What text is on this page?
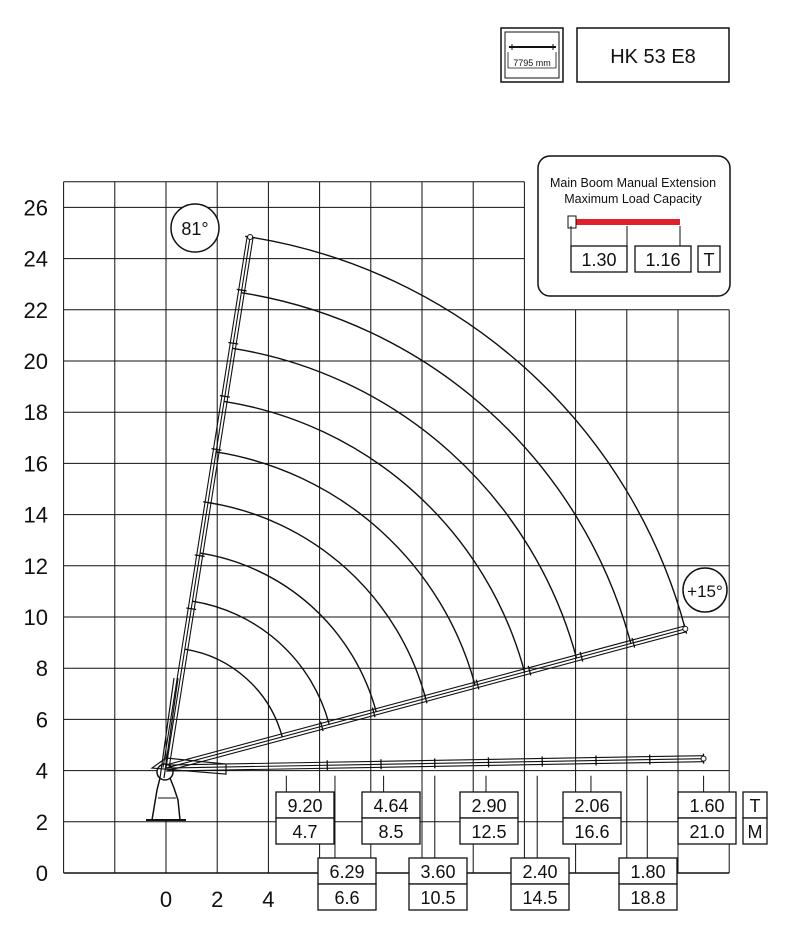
7795 mm	HK 53 E8
0
2
4
6
8
10
12
14
16
18
20
22
24
26
0 2 4
81°
+15°
Main Boom Manual Extension
Maximum Load Capacity
1.30 1.16 T
9.20
4.7
6.29
6.6
4.64
8.5
3.60
10.5
2.90
12.5
2.40
14.5
2.06
16.6
1.80
18.8
1.60
21.0
T
M
